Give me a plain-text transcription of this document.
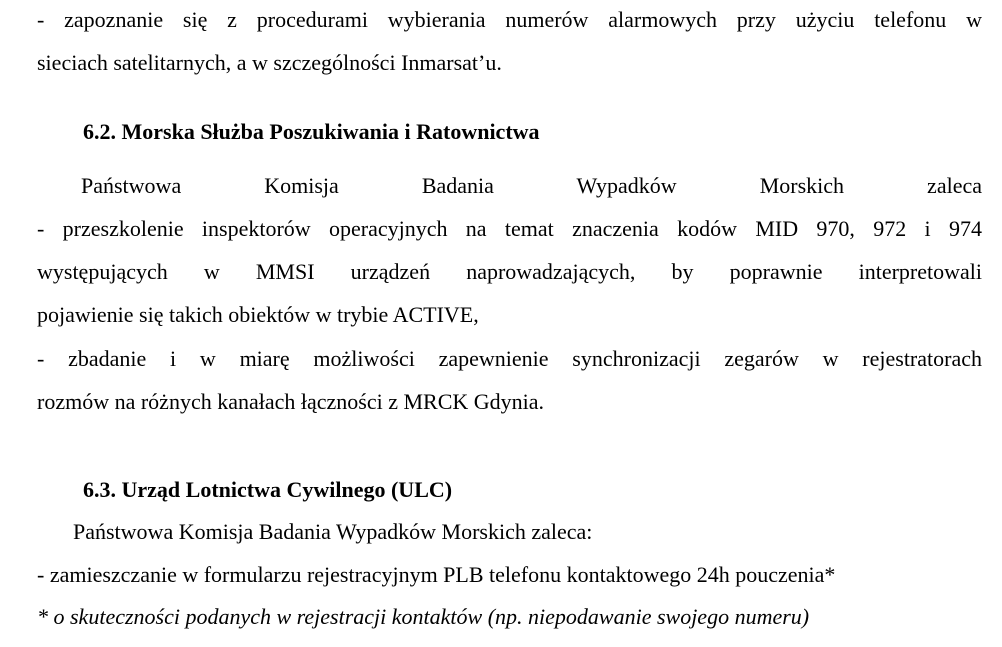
- zapoznanie się z procedurami wybierania numerów alarmowych przy użyciu telefonu w
sieciach satelitarnych, a w szczególności Inmarsat’u.
6.2. Morska Służba Poszukiwania i Ratownictwa
Państwowa Komisja Badania Wypadków Morskich zaleca
- przeszkolenie inspektorów operacyjnych na temat znaczenia kodów MID 970, 972 i 974
występujących w MMSI urządzeń naprowadzających, by poprawnie interpretowali
pojawienie się takich obiektów w trybie ACTIVE,
- zbadanie i w miarę możliwości zapewnienie synchronizacji zegarów w rejestratorach
rozmów na różnych kanałach łączności z MRCK Gdynia.
6.3. Urząd Lotnictwa Cywilnego (ULC)
Państwowa Komisja Badania Wypadków Morskich zaleca:
- zamieszczanie w formularzu rejestracyjnym PLB telefonu kontaktowego 24h pouczenia*
* o skuteczności podanych w rejestracji kontaktów (np. niepodawanie swojego numeru)
